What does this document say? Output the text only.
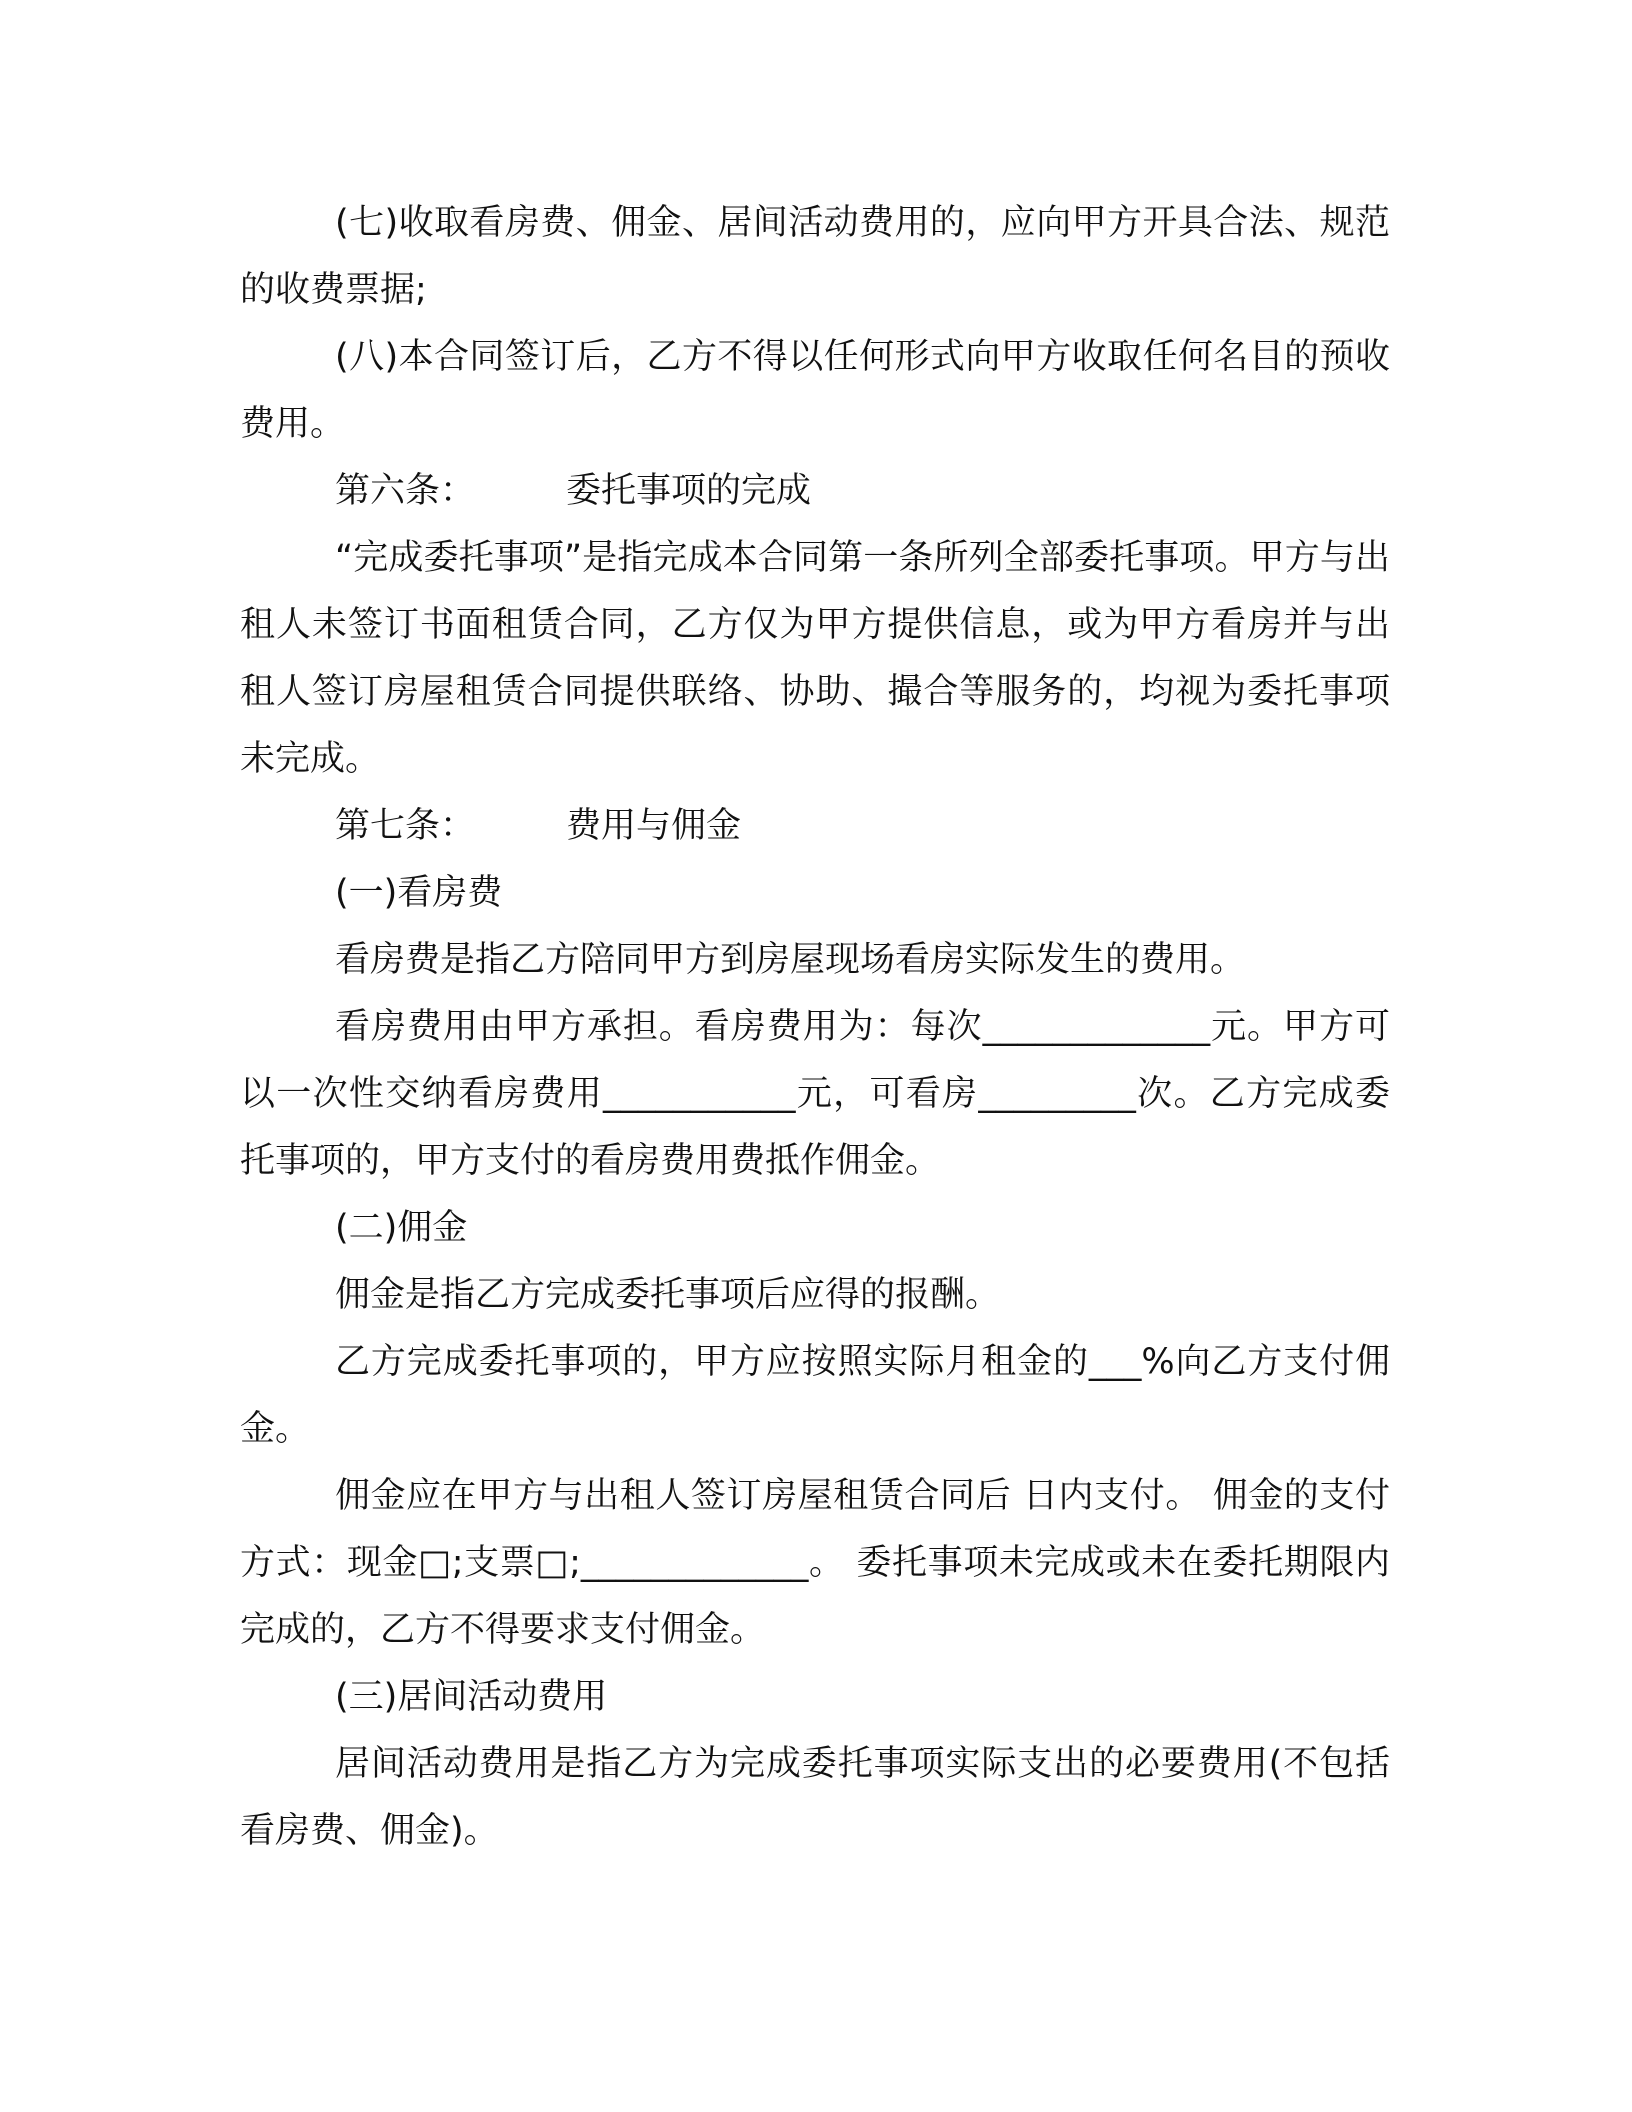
(七)收取看房费、佣金、居间活动费用的，应向甲方开具合法、规范的收费票据;

(八)本合同签订后，乙方不得以任何形式向甲方收取任何名目的预收费用。

第六条：	委托事项的完成

“完成委托事项”是指完成本合同第一条所列全部委托事项。甲方与出租人未签订书面租赁合同，乙方仅为甲方提供信息，或为甲方看房并与出租人签订房屋租赁合同提供联络、协助、撮合等服务的，均视为委托事项未完成。

第七条：	费用与佣金

(一)看房费

看房费是指乙方陪同甲方到房屋现场看房实际发生的费用。

看房费用由甲方承担。看房费用为：每次_____________元。甲方可以一次性交纳看房费用___________元，可看房_________次。乙方完成委托事项的，甲方支付的看房费用费抵作佣金。

(二)佣金

佣金是指乙方完成委托事项后应得的报酬。

乙方完成委托事项的，甲方应按照实际月租金的___%向乙方支付佣金。

佣金应在甲方与出租人签订房屋租赁合同后 日内支付。 佣金的支付方式：现金□;支票□;_____________。 委托事项未完成或未在委托期限内完成的，乙方不得要求支付佣金。

(三)居间活动费用

居间活动费用是指乙方为完成委托事项实际支出的必要费用(不包括看房费、佣金)。
